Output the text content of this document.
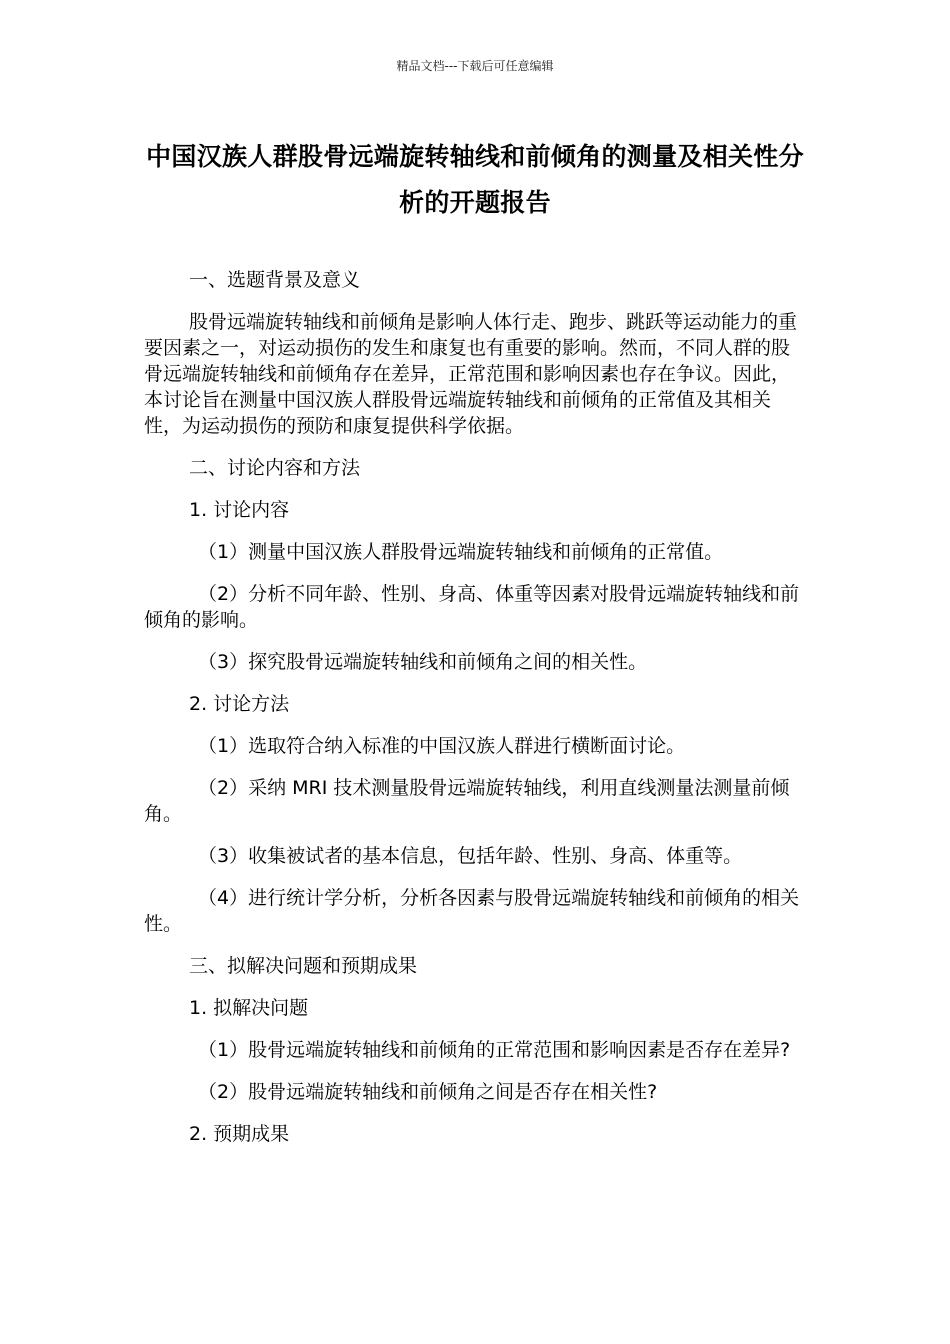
精品文档---下载后可任意编辑
中国汉族人群股骨远端旋转轴线和前倾角的测量及相关性分析的开题报告

一、选题背景及意义

股骨远端旋转轴线和前倾角是影响人体行走、跑步、跳跃等运动能力的重要因素之一，对运动损伤的发生和康复也有重要的影响。然而，不同人群的股骨远端旋转轴线和前倾角存在差异，正常范围和影响因素也存在争议。因此，本讨论旨在测量中国汉族人群股骨远端旋转轴线和前倾角的正常值及其相关性，为运动损伤的预防和康复提供科学依据。

二、讨论内容和方法

1. 讨论内容

（1）测量中国汉族人群股骨远端旋转轴线和前倾角的正常值。

（2）分析不同年龄、性别、身高、体重等因素对股骨远端旋转轴线和前倾角的影响。

（3）探究股骨远端旋转轴线和前倾角之间的相关性。

2. 讨论方法

（1）选取符合纳入标准的中国汉族人群进行横断面讨论。

（2）采纳 MRI 技术测量股骨远端旋转轴线，利用直线测量法测量前倾角。

（3）收集被试者的基本信息，包括年龄、性别、身高、体重等。

（4）进行统计学分析，分析各因素与股骨远端旋转轴线和前倾角的相关性。

三、拟解决问题和预期成果

1. 拟解决问题

（1）股骨远端旋转轴线和前倾角的正常范围和影响因素是否存在差异?

（2）股骨远端旋转轴线和前倾角之间是否存在相关性?

2. 预期成果
